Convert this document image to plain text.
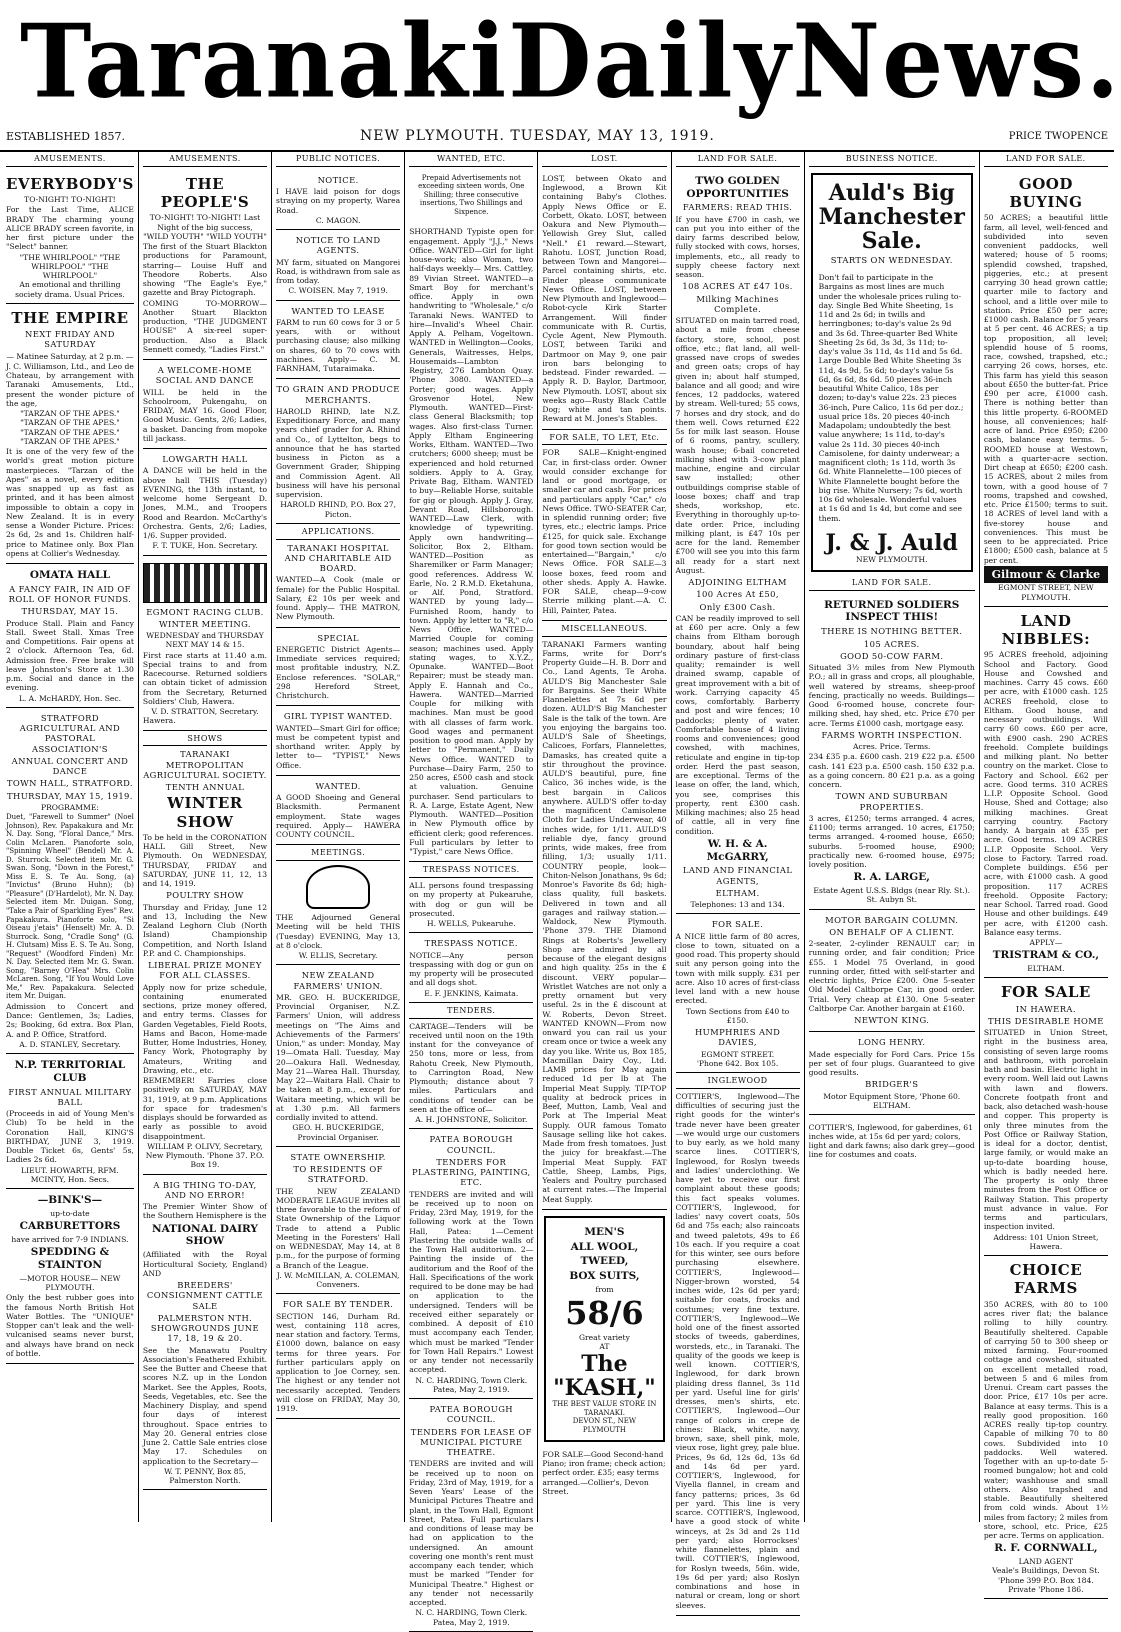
Taranaki Daily News.
ESTABLISHED 1857.	NEW PLYMOUTH. TUESDAY, MAY 13, 1919.	PRICE TWOPENCE
AMUSEMENTS.
EVERYBODY'S
TO-NIGHT! TO-NIGHT!

For the Last Time, ALICE BRADY The charming young ALICE BRADY screen favorite, in her first picture under the "Select" banner.

"THE WHIRLPOOL" "THE WHIRLPOOL" "THE WHIRLPOOL"
An emotional and thrilling society drama. Usual Prices.
THE EMPIRE
NEXT FRIDAY AND SATURDAY
— Matinee Saturday, at 2 p.m. —

J. C. Williamson, Ltd., and Leo de Chateau, by arrangement with Taranaki Amusements, Ltd., present the wonder picture of the age,

"TARZAN OF THE APES." "TARZAN OF THE APES." "TARZAN OF THE APES." "TARZAN OF THE APES."

It is one of the very few of the world's great motion picture masterpieces. "Tarzan of the Apes" as a novel, every edition was snapped up as fast as printed, and it has been almost impossible to obtain a copy in New Zealand. It is in every sense a Wonder Picture. Prices: 2s 6d, 2s and 1s. Children half-price to Matinee only. Box Plan opens at Collier's Wednesday.

OMATA HALL
A FANCY FAIR, IN AID OF ROLL OF HONOR FUNDS.
THURSDAY, MAY 15.

Produce Stall. Plain and Fancy Stall. Sweet Stall. Xmas Tree and Competitions. Fair opens at 2 o'clock. Afternoon Tea, 6d. Admission free. Free brake will leave Johnston's Store at 1.30 p.m. Social and dance in the evening.

L. A. McHARDY, Hon. Sec.
STRATFORD AGRICULTURAL AND PASTORAL ASSOCIATION'S
ANNUAL CONCERT AND DANCE
TOWN HALL, STRATFORD.
THURSDAY, MAY 15, 1919.
PROGRAMME:

Duet, "Farewell to Summer" (Noel Johnson), Rev. Papakakura and Mr. N. Day. Song, "Floral Dance," Mrs. Colin McLaren. Pianoforte solo, "Spinning Wheel" (Bendel) Mr. A. D. Sturrock. Selected item Mr. G. Swan. Song, "Down in the Forest," Miss E. S. Te Au. Song, (a) "Invictus" (Bruno Huhn); (b) "Pleasure" (D'Hardelot), Mr. N. Day. Selected item Mr. Duigan. Song, "Take a Pair of Sparkling Eyes" Rev. Papakakura. Pianoforte solo, "Si Oiseau j'etais" (Henselt) Mr. A. D. Sturrock. Song, "Cradle Song" (G. H. Clutsam) Miss E. S. Te Au. Song, "Request" (Woodford Finden) Mr. N. Day. Selected item Mr. G. Swan. Song, "Barney O'Hea" Mrs. Colin McLaren. Song, "If You Would Love Me," Rev. Papakakura. Selected item Mr. Duigan.

Admission to Concert and Dance: Gentlemen, 3s; Ladies, 2s; Booking, 6d extra. Box Plan, A. and P. Office, Stratford.

A. D. STANLEY, Secretary.
N.P. TERRITORIAL CLUB
FIRST ANNUAL MILITARY BALL

(Proceeds in aid of Young Men's Club) To be held in the Coronation Hall, KING'S BIRTHDAY, JUNE 3, 1919. Double Ticket 6s, Gents' 5s, Ladies 2s 6d.

LIEUT. HOWARTH, RFM. MCINTY, Hon. Secs.
—BINK'S—
up-to-date
CARBURETTORS
have arrived for 7-9 INDIANS.
SPEDDING & STAINTON
—MOTOR HOUSE— NEW PLYMOUTH.

Only the best rubber goes into the famous North British Hot Water Bottles. The "UNIQUE" Stopper can't leak and the well-vulcanised seams never burst, and always have brand on neck of bottle.

AMUSEMENTS.
THE PEOPLE'S
TO-NIGHT! TO-NIGHT! Last Night of the big success,
"WILD YOUTH" "WILD YOUTH"

The first of the Stuart Blackton productions for Paramount, starring— Louise Huff and Theodore Roberts. Also showing "The Eagle's Eye," gazette and Bray Pictograph.

COMING TO-MORROW— Another Stuart Blackton production, "THE JUDGMENT HOUSE" A six-reel super-production. Also a Black Sennett comedy, "Ladies First."

A WELCOME-HOME SOCIAL AND DANCE

WILL be held in the Schoolroom, Pukengahu, on FRIDAY, MAY 16. Good Floor, Good Music. Gents, 2/6; Ladies, a basket. Dancing from mopoke till jackass.

LOWGARTH HALL

A DANCE will be held in the above hall THIS (Tuesday) EVENING, the 13th instant, to welcome home Sergeant D. Jones, M.M., and Troopers Rood and Reardon. McCarthy's Orchestra. Gents, 2/6; Ladies, 1/6. Supper provided.

F. T. TUKE, Hon. Secretary.
EGMONT RACING CLUB.
WINTER MEETING.
WEDNESDAY and THURSDAY NEXT MAY 14 & 15.

First race starts at 11.40 a.m. Special trains to and from Racecourse. Returned soldiers can obtain ticket of admission from the Secretary, Returned Soldiers' Club, Hawera.

V. D. STRATTON, Secretary.
Hawera.
SHOWS
TARANAKI METROPOLITAN AGRICULTURAL SOCIETY.
TENTH ANNUAL
WINTER SHOW

To be held in the CORONATION HALL Gill Street, New Plymouth. On WEDNESDAY, THURSDAY, FRIDAY and SATURDAY, JUNE 11, 12, 13 and 14, 1919.

POULTRY SHOW

Thursday and Friday, June 12 and 13, Including the New Zealand Leghorn Club (North Island) Championship Competition, and North Island P.P. and C. Championships.

LIBERAL PRIZE MONEY FOR ALL CLASSES.

Apply now for prize schedule, containing enumerated sections, prize money offered, and entry terms. Classes for Garden Vegetables, Field Roots, Hams and Bacon, Home-made Butter, Home Industries, Honey, Fancy Work, Photography by Amateurs, Writing and Drawing, etc., etc.

REMEMBER! Farries close positively on SATURDAY, MAY 31, 1919, at 9 p.m. Applications for space for tradesmen's displays should be forwarded as early as possible to avoid disappointment.

WILLIAM P. OLIVY, Secretary, New Plymouth. 'Phone 37. P.O. Box 19.
A BIG THING TO-DAY, AND NO ERROR!

The Premier Winter Show of the Southern Hemisphere is the

NATIONAL DAIRY SHOW

(Affiliated with the Royal Horticultural Society, England) AND

BREEDERS' CONSIGNMENT CATTLE SALE
PALMERSTON NTH. SHOWGROUNDS JUNE 17, 18, 19 & 20.

See the Manawatu Poultry Association's Feathered Exhibit. See the Butter and Cheese that scores N.Z. up in the London Market. See the Apples, Roots, Seeds, Vegetables, etc. See the Machinery Display, and spend four days of interest throughout. Space entries to May 20. General entries close June 2. Cattle Sale entries close May 17. Schedules on application to the Secretary—

W. T. PENNY, Box 85, Palmerston North.
PUBLIC NOTICES.
NOTICE.

I HAVE laid poison for dogs straying on my property, Warea Road.

C. MAGON.
NOTICE TO LAND AGENTS.

MY farm, situated on Mangorei Road, is withdrawn from sale as from today.

C. WOISEN. May 7, 1919.
WANTED TO LEASE

FARM to run 60 cows for 3 or 5 years, with or without purchasing clause; also milking on shares, 60 to 70 cows with machines. Apply— C. M. FARNHAM, Tutaraimaka.

TO GRAIN AND PRODUCE MERCHANTS.

HAROLD RHIND, late N.Z. Expeditionary Force, and many years chief grader for A. Rhind and Co., of Lyttelton, begs to announce that he has started business in Picton as a Government Grader, Shipping and Commission Agent. All business will have his personal supervision.

HAROLD RHIND, P.O. Box 27, Picton.
APPLICATIONS.
TARANAKI HOSPITAL AND CHARITABLE AID BOARD.

WANTED—A Cook (male or female) for the Public Hospital. Salary, £2 10s per week and found. Apply— THE MATRON, New Plymouth.

SPECIAL

ENERGETIC District Agents—Immediate services required; most profitable industry, N.Z. Enclose references. "SOLAR," 298 Hereford Street, Christchurch.

GIRL TYPIST WANTED.

WANTED—Smart Girl for office; must be competent typist and shorthand writer. Apply by letter to— "TYPIST," News Office.

WANTED.

A GOOD Shoeing and General Blacksmith. Permanent employment. State wages required. Apply— HAWERA COUNTY COUNCIL.

MEETINGS.

THE Adjourned General Meeting will be held THIS (Tuesday) EVENING, May 13, at 8 o'clock.

W. ELLIS, Secretary.
NEW ZEALAND FARMERS' UNION.

MR. GEO. H. BUCKERIDGE, Provincial Organiser, N.Z. Farmers' Union, will address meetings on "The Aims and Achievements of the Farmers' Union," as under: Monday, May 19—Omata Hall. Tuesday, May 20—Oakura Hall. Wednesday, May 21—Warea Hall. Thursday, May 22—Waitara Hall. Chair to be taken at 8 p.m., except for Waitara meeting, which will be at 1.30 p.m. All farmers cordially invited to attend.

GEO. H. BUCKERIDGE, Provincial Organiser.
STATE OWNERSHIP.
TO RESIDENTS OF STRATFORD.

THE NEW ZEALAND MODERATE LEAGUE invites all three favorable to the reform of State Ownership of the Liquor Trade to attend a Public Meeting in the Foresters' Hall on WEDNESDAY, May 14, at 8 p.m., for the purpose of forming a Branch of the League.

J. W. McMILLAN, A. COLEMAN, Conveners.
FOR SALE BY TENDER.

SECTION 146, Durham Rd. west, containing 118 acres, near station and factory. Terms, £1000 down, balance on easy terms for three years. For further particulars apply on application to Joe Corney, sen. The highest or any tender not necessarily accepted. Tenders will close on FRIDAY, May 30, 1919.

WANTED, ETC.

Prepaid Advertisements not exceeding sixteen words, One Shilling; three consecutive insertions, Two Shillings and Sixpence.

SHORTHAND Typiste open for engagement. Apply "J.J.," News Office. WANTED—Girl for light house-work; also Woman, two half-days weekly— Mrs. Cattley, 89 Vivian Street. WANTED—a Smart Boy for merchant's office. Apply in own handwriting to "Wholesale," c/o Taranaki News. WANTED to hire—Invalid's Wheel Chair. Apply A. Pelham, Vogeltown. WANTED in Wellington—Cooks, Generals, Waitresses, Helps, Housemaids—Lambton Registry, 276 Lambton Quay. 'Phone 3080. WANTED—a Porter; good wages. Apply Grosvenor Hotel, New Plymouth. WANTED—First-class General Blacksmith; top wages. Also first-class Turner. Apply Eltham Engineering Works, Eltham. WANTED—Two crutchers; 6000 sheep; must be experienced and hold returned soldiers. Apply to A. Gray, Private Bag, Eltham. WANTED to buy—Reliable Horse, suitable for gig or plough. Apply J. Gray, Devant Road, Hillsborough. WANTED—Law Clerk, with knowledge of typewriting. Apply own handwriting—Solicitor, Box 2, Eltham. WANTED—Position as Sharemilker or Farm Manager; good references. Address W. Earle, No. 2 R.M.D. Eketahuna, or Alf. Pond, Stratford. WANTED by young lady—Furnished Room, handy to town. Apply by letter to "R," c/o News Office. WANTED—Married Couple for coming season; machines used. Apply stating wages, to X.Y.Z., Opunake. WANTED—Boot Repairer; must be steady man. Apply E. Hannah and Co., Hawera. WANTED—Married Couple for milking with machines. Man must be good with all classes of farm work. Good wages and permanent position to good man. Apply by letter to "Permanent," Daily News Office. WANTED to Purchase—Dairy Farm, 250 to 250 acres, £500 cash and stock at valuation. Genuine purchaser. Send particulars to R. A. Large, Estate Agent, New Plymouth. WANTED—Position in New Plymouth office by efficient clerk; good references. Full particulars by letter to "Typist," care News Office.

TRESPASS NOTICES.

ALL persons found trespassing on my property at Pukearuhe, with dog or gun will be prosecuted.

H. WELLS, Pukearuhe.
TRESPASS NOTICE.

NOTICE—Any person trespassing with dog or gun on my property will be prosecuted and all dogs shot.

E. F. JENKINS, Kaimata.
TENDERS.

CARTAGE—Tenders will be received until noon on the 19th instant for the conveyance of 250 tons, more or less, from Rahotu Creek, New Plymouth, to Carrington Road, New Plymouth; distance about 7 miles. Particulars and conditions of tender can be seen at the office of—

A. H. JOHNSTONE, Solicitor.
PATEA BOROUGH COUNCIL.
TENDERS FOR PLASTERING, PAINTING, ETC.

TENDERS are invited and will be received up to noon on Friday, 23rd May, 1919, for the following work at the Town Hall, Patea: 1—Cement Plastering the outside walls of the Town Hall auditorium. 2—Painting the inside of the auditorium and the Roof of the Hall. Specifications of the work required to be done may be had on application to the undersigned. Tenders will be received either separately or combined. A deposit of £10 must accompany each Tender, which must be marked "Tender for Town Hall Repairs." Lowest or any tender not necessarily accepted.

N. C. HARDING, Town Clerk. Patea, May 2, 1919.
PATEA BOROUGH COUNCIL.
TENDERS FOR LEASE OF MUNICIPAL PICTURE THEATRE.

TENDERS are invited and will be received up to noon on Friday, 23rd of May, 1919, for a Seven Years' Lease of the Municipal Pictures Theatre and plant, in the Town Hall, Egmont Street, Patea. Full particulars and conditions of lease may be had on application to the undersigned. An amount covering one month's rent must accompany each tender, which must be marked "Tender for Municipal Theatre." Highest or any tender not necessarily accepted.

N. C. HARDING, Town Clerk. Patea, May 2, 1919.
LOST.

LOST, between Okato and Inglewood, a Brown Kit containing Baby's Clothes. Apply News Office or E. Corbett, Okato. LOST, between Oakura and New Plymouth—Yellowish Grey Slut, called "Nell." £1 reward.—Stewart, Rahotu. LOST, Junction Road, between Town and Mangorei—Parcel containing shirts, etc. Finder please communicate News Office. LOST, between New Plymouth and Inglewood—Robot-cycle Kirk Starter Arrangement. Will finder communicate with R. Curtis, Cycle Agent, New Plymouth. LOST, between Tariki and Dartmoor on May 9, one pair iron bars belonging to bedstead. Finder rewarded. —Apply R. D. Baylor, Dartmoor, New Plymouth. LOST, about six weeks ago—Rusty Black Cattle Dog; white and tan points. Reward at M. Jones's Stables.

FOR SALE, TO LET, Etc.

FOR SALE—Knight-engined Car, in first-class order. Owner would consider exchange for land or good mortgage, or smaller car and cash. For prices and particulars apply "Car," c/o News Office. TWO-SEATER Car, in splendid running order; five tyres, etc.; electric lamps. Price £125, for quick sale. Exchange for good town section would be entertained—"Bargain," c/o News Office. FOR SALE—3 loose boxes, feed room and other sheds. Apply A. Hawke. FOR SALE, cheap—9-cow Sterrie milking plant.—A. C. Hill, Painter, Patea.

MISCELLANEOUS.

TARANAKI Farmers wanting Farms, write for Dorr's Property Guide—H. B. Dorr and Co., Land Agents, Te Aroha. AULD'S Big Manchester Sale for Bargains. See their White Flannelettes at 7s 6d per dozen. AULD'S Big Manchester Sale is the talk of the town. Are you enjoying the bargains too. AULD'S Sale of Sheetings, Calicoes, Forfars, Flannelettes, Damasks, has created quite a stir throughout the province. AULD'S beautiful, pure, fine Calico, 36 inches wide, is the best bargain in Calicos anywhere. AULD'S offer to-day the magnificent Camisolene Cloth for Ladies Underwear, 40 inches wide, for 1/11. AULD'S reliable dye, fancy ground prints, wide makes, free from filling, 1/3; usually 1/11. COUNTRY people, look—Chiton-Nelson Jonathans, 9s 6d; Monroe's Favorite 8s 6d; high-class quality, full baskets. Delivered in town and all garages and railway station.—Waldock, New Plymouth. 'Phone 379. THE Diamond Rings at Roberts's Jewellery Shop are admired by all because of the elegant designs and high quality. 25s in the £ discount. VERY popular—Wristlet Watches are not only a pretty ornament but very useful. 2s in the £ discount at W. Roberts, Devon Street. WANTED KNOWN—From now onward you can rail us your cream once or twice a week any day you like. Write us, Box 185, Macmillan Dairy Coy., Ltd. LAMB prices for May again reduced 1d per lb at The Imperial Meat Supply. TIP-TOP quality at bedrock prices in Beef, Mutton, Lamb, Veal and Pork at The Imperial Meat Supply. OUR famous Tomato Sausage selling like hot cakes. Made from fresh tomatoes. Just the juicy for breakfast.—The Imperial Meat Supply. FAT Cattle, Sheep, Lambs, Pigs, Yealers and Poultry purchased at current rates.—The Imperial Meat Supply.

MEN'S
ALL WOOL,
TWEED,
BOX SUITS,
from
58/6
Great variety
AT
The "KASH,"
THE BEST VALUE STORE IN TARANAKI.
DEVON ST., NEW PLYMOUTH

FOR SALE—Good Second-hand Piano; iron frame; check action; perfect order. £35; easy terms arranged.—Collier's, Devon Street.

LAND FOR SALE.
TWO GOLDEN OPPORTUNITIES
FARMERS: READ THIS.

If you have £700 in cash, we can put you into either of the dairy farms described below, fully stocked with cows, horses, implements, etc., all ready to supply cheese factory next season.

108 ACRES AT £47 10s.
Milking Machines Complete.

SITUATED on main tarred road, about a mile from cheese factory, store, school, post office, etc.; flat land, all well-grassed nave crops of swedes and green oats; crops of hay given in; about half stumped, balance and all good; and wire fences, 12 paddocks, watered by stream. Well-tured; 55 cows, 7 horses and dry stock, and do them well. Cows returned £22 5s for milk last season. House of 6 rooms, pantry, scullery, wash house; 6-bail concreted milking shed with 3-cow plant machine, engine and circular saw installed; other outbuildings comprise stable of loose boxes; chaff and trap sheds, workshop, etc. Everything in thoroughly up-to-date order. Price, including milking plant, is £47 10s per acre for the land. Remember £700 will see you into this farm all ready for a start next August.

ADJOINING ELTHAM
100 Acres At £50,
Only £300 Cash.

CAN be readily improved to sell at £60 per acre. Only a few chains from Eltham borough boundary, about half being ordinary pasture of first-class quality; remainder is well drained swamp, capable of great improvement with a bit of work. Carrying capacity 45 cows, comfortably. Barberry and post and wire fences; 10 paddocks; plenty of water. Comfortable house of 4 living rooms and conveniences; good cowshed, with machines, reticulate and engine in tip-top order. Herd the past season, are exceptional. Terms of the lease on offer, the land, which, you see, comprises this property, rent £300 cash. Milking machines; also 25 head of cattle, all in very fine condition.

W. H. & A. McGARRY,
LAND AND FINANCIAL AGENTS,
ELTHAM.
Telephones: 13 and 134.
FOR SALE.

A NICE little farm of 80 acres, close to town, situated on a good road. This property should suit any person going into the town with milk supply. £31 per acre. Also 10 acres of first-class level land with a new house erected.

Town Sections from £40 to £150.
HUMPHRIES AND DAVIES,
EGMONT STREET.
'Phone 642. Box 105.
INGLEWOOD

COTTIER'S, Inglewood—The difficulties of securing just the right goods for the winter's trade never have been greater—we would urge our customers to buy early, as we hold many scarce lines. COTTIER'S, Inglewood, for Roslyn tweeds and ladies' underclothing. We have yet to receive our first complaint about these goods; this fact speaks volumes. COTTIER'S, Inglewood, for ladies' navy covert coats, 50s 6d and 75s each; also raincoats and tweed paletots, 49s to £6 10s each. If you require a coat for this winter, see ours before purchasing elsewhere. COTTIER'S, Inglewood—Nigger-brown worsted, 54 inches wide, 12s 6d per yard; suitable for coats, frocks and costumes; very fine texture. COTTIER'S, Inglewood—We hold one of the finest assorted stocks of tweeds, gaberdines, worsteds, etc., in Taranaki. The quality of the goods we keep is well known. COTTIER'S, Inglewood, for dark brown plaiding dress flannel, 3s 11d per yard. Useful line for girls' dresses, men's shirts, etc. COTTIER'S, Inglewood—Our range of colors in crepe de chines: Black, white, navy, brown, saxe, shell pink, mole, vieux rose, light grey, pale blue. Prices, 9s 6d, 12s 6d, 13s 6d and 14s 6d per yard. COTTIER'S, Inglewood, for Viyella flannel, in cream and fancy patterns; prices, 3s 6d per yard. This line is very scarce. COTTIER'S, Inglewood, have a good stock of white winceys, at 2s 3d and 2s 11d per yard; also Horrockses' white flannelettes, plain and twill. COTTIER'S, Inglewood, for Roslyn tweeds, 56in. wide, 19s 6d per yard; also Roslyn combinations and hose in natural or cream, long or short sleeves.

BUSINESS NOTICE.
Auld's Big
Manchester
Sale.
STARTS ON WEDNESDAY.

Don't fail to participate in the Bargains as most lines are much under the wholesale prices ruling to-day. Single Bed White Sheeting, 1s 11d and 2s 6d; in twills and herringbones; to-day's value 2s 9d and 3s 6d. Three-quarter Bed White Sheeting 2s 6d, 3s 3d, 3s 11d; to-day's value 3s 11d, 4s 11d and 5s 6d. Large Double Bed White Sheeting 3s 11d, 4s 9d, 5s 6d; to-day's value 5s 6d, 6s 6d, 8s 6d. 50 pieces 36-inch beautiful White Calico, 18s per dozen; to-day's value 22s. 23 pieces 36-inch, Pure Calico, 11s 6d per doz.; usual price 18s. 20 pieces 40-inch Madapolam; undoubtedly the best value anywhere; 1s 11d, to-day's value 2s 11d. 30 pieces 40-inch Camisolene, for dainty underwear; a magnificent cloth; 1s 11d, worth 3s 6d. White Flannelette—100 pieces of White Flannelette bought before the big rise. White Nursery; 7s 6d, worth 10s 6d wholesale. Wonderful values at 1s 6d and 1s 4d, but come and see them.

J. & J. Auld
NEW PLYMOUTH.
LAND FOR SALE.
RETURNED SOLDIERS INSPECT THIS!
THERE IS NOTHING BETTER.
105 ACRES.
GOOD 50-COW FARM.

Situated 3½ miles from New Plymouth P.O.; all in grass and crops, all ploughable, well watered by streams, sheep-proof fencing, practically no weeds. Buildings—Good 6-roomed house, concrete four-milking shed, hay shed, etc. Price £70 per acre. Terms £1000 cash, mortgage easy.

FARMS WORTH INSPECTION.
Acres. Price. Terms.

234 £35 p.a. £600 cash. 219 £22 p.a. £500 cash. 141 £23 p.a. £500 cash. 150 £32 p.a. as a going concern. 80 £21 p.a. as a going concern.

TOWN AND SUBURBAN PROPERTIES.

3 acres, £1250; terms arranged. 4 acres, £1100; terms arranged. 10 acres, £1750; terms arranged. 4-roomed house, £650; suburbs. 5-roomed house, £900; practically new. 6-roomed house, £975; lovely position.

R. A. LARGE,
Estate Agent U.S.S. Bldgs (near Rly. St.). St. Aubyn St.
MOTOR BARGAIN COLUMN.
ON BEHALF OF A CLIENT.

2-seater, 2-cylinder RENAULT car; in running order, and fair condition; Price £55. 1 Model 75 Overland, in good running order, fitted with self-starter and electric lights, Price £200. One 5-seater Old Model Caltborpe Car, in good order. Trial. Very cheap at £130. One 5-seater Caltborpe Car. Another bargain at £160.

NEWTON KING.
LONG HENRY.

Made especially for Ford Cars. Price 15s per set of four plugs. Guaranteed to give good results.

BRIDGER'S
Motor Equipment Store, 'Phone 60. ELTHAM.

COTTIER'S, Inglewood, for gaberdines, 61 inches wide, at 15s 6d per yard; colors, light and dark fawns; also dark grey—good line for costumes and coats.

LAND FOR SALE.
GOOD BUYING

50 ACRES; a beautiful little farm, all level, well-fenced and subdivided into seven convenient paddocks, well watered; house of 5 rooms; splendid cowshed, trapshed, piggeries, etc.; at present carrying 30 head grown cattle; quarter mile to factory and school, and a little over mile to station. Price £50 per acre; £1000 cash. Balance for 5 years at 5 per cent. 46 ACRES; a tip top proposition, all level; splendid house of 5 rooms, race, cowshed, trapshed, etc.; carrying 26 cows, horses, etc. This farm has yield this season about £650 the butter-fat. Price £90 per acre, £1000 cash. There is nothing better than this little property. 6-ROOMED house, all conveniences; half-acre of land. Price £950; £200 cash, balance easy terms. 5-ROOMED house at Westown, with a quarter-acre section. Dirt cheap at £650; £200 cash. 15 ACRES, about 2 miles from town, with a good house of 7 rooms, trapshed and cowshed, etc. Price £1500; terms to suit. 18 ACRES of level land with a five-storey house and conveniences. This must be seen to be appreciated. Price £1800; £500 cash, balance at 5 per cent.

Gilmour & Clarke
EGMONT STREET, NEW PLYMOUTH.
LAND NIBBLES:

95 ACRES freehold, adjoining School and Factory. Good House and Cowshed and machines. Carry 45 cows. £60 per acre, with £1000 cash. 125 ACRES freehold, close to Eltham. Good house, and necessary outbuildings. Will carry 60 cows. £60 per acre, with £900 cash. 290 ACRES freehold. Complete buildings and milking plant. No better country on the market. Close to Factory and School. £62 per acre. Good terms. 310 ACRES L.I.P. Opposite School. Good House, Shed and Cottage; also milking machines. Great carrying country. Factory handy. A bargain at £35 per acre. Good terms. 109 ACRES L.I.P. Opposite School. Very close to Factory. Tarred road. Complete buildings. £56 per acre, with £1000 cash. A good proposition. 117 ACRES freehold. Opposite Factory; near School. Tarred road. Good House and other buildings. £49 per acre, with £1200 cash. Balance easy terms.

APPLY—
TRISTRAM & CO.,
ELTHAM.
FOR SALE
IN HAWERA.
THIS DESIRABLE HOME

SITUATED in Union Street, right in the business area, consisting of seven large rooms and bathroom, with porcelain bath and basin. Electric light in every room. Well laid out Lawns with lawn and flowers. Concrete footpath front and back, also detached wash-house and copper. This property is only three minutes from the Post Office or Railway Station, is ideal for a doctor, dentist, large family, or would make an up-to-date boarding house, which is badly needed here. The property is only three minutes from the Post Office or Railway Station. This property must advance in value. For terms and particulars, inspection invited.

Address: 101 Union Street, Hawera.
CHOICE FARMS

350 ACRES, with 80 to 100 acres river flat; the balance rolling to hilly country. Beautifully sheltered. Capable of carrying 50 to 300 sheep or mixed farming. Four-roomed cottage and cowshed, situated on excellent metalled road, between 5 and 6 miles from Urenui. Cream cart passes the door. Price, £17 10s per acre. Balance at easy terms. This is a really good proposition. 160 ACRES really tip-top country. Capable of milking 70 to 80 cows. Subdivided into 10 paddocks. Well watered. Together with an up-to-date 5-roomed bungalow; hot and cold water; washhouse and small others. Also trapshed and stable. Beautifully sheltered from cold winds. About 1½ miles from factory; 2 miles from store, school, etc. Price, £25 per acre. Terms on application.

R. F. CORNWALL,
LAND AGENT
Veale's Buildings, Devon St. 'Phone 399 P.O. Box 184. Private 'Phone 186.
